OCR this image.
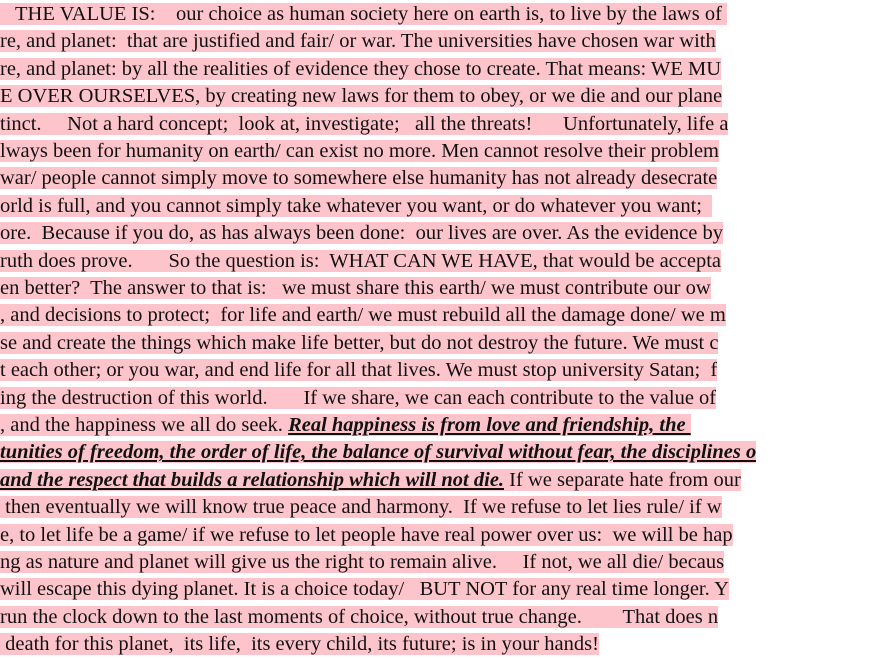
THE VALUE IS:    our choice as human society here on earth is, to live by the laws of
re, and planet:  that are justified and fair/ or war. The universities have chosen war with
re, and planet: by all the realities of evidence they chose to create. That means: WE MU
E OVER OURSELVES, by creating new laws for them to obey, or we die and our plane
tinct.     Not a hard concept;  look at, investigate;   all the threats!      Unfortunately, life a
lways been for humanity on earth/ can exist no more. Men cannot resolve their problem
war/ people cannot simply move to somewhere else humanity has not already desecrate
orld is full, and you cannot simply take whatever you want, or do whatever you want;
ore.  Because if you do, as has always been done:  our lives are over. As the evidence by
ruth does prove.       So the question is:  WHAT CAN WE HAVE, that would be accepta
en better?  The answer to that is:   we must share this earth/ we must contribute our ow
, and decisions to protect;  for life and earth/ we must rebuild all the damage done/ we m
se and create the things which make life better, but do not destroy the future. We must c
t each other; or you war, and end life for all that lives. We must stop university Satan;  f
ing the destruction of this world.       If we share, we can each contribute to the value of
, and the happiness we all do seek. Real happiness is from love and friendship, the
tunities of freedom, the order of life, the balance of survival without fear, the disciplines o
and the respect that builds a relationship which will not die. If we separate hate from our
then eventually we will know true peace and harmony.  If we refuse to let lies rule/ if w
e, to let life be a game/ if we refuse to let people have real power over us:  we will be hap
ng as nature and planet will give us the right to remain alive.     If not, we all die/ becaus
will escape this dying planet. It is a choice today/   BUT NOT for any real time longer. Y
run the clock down to the last moments of choice, without true change.        That does n
death for this planet,  its life,  its every child, its future; is in your hands!
